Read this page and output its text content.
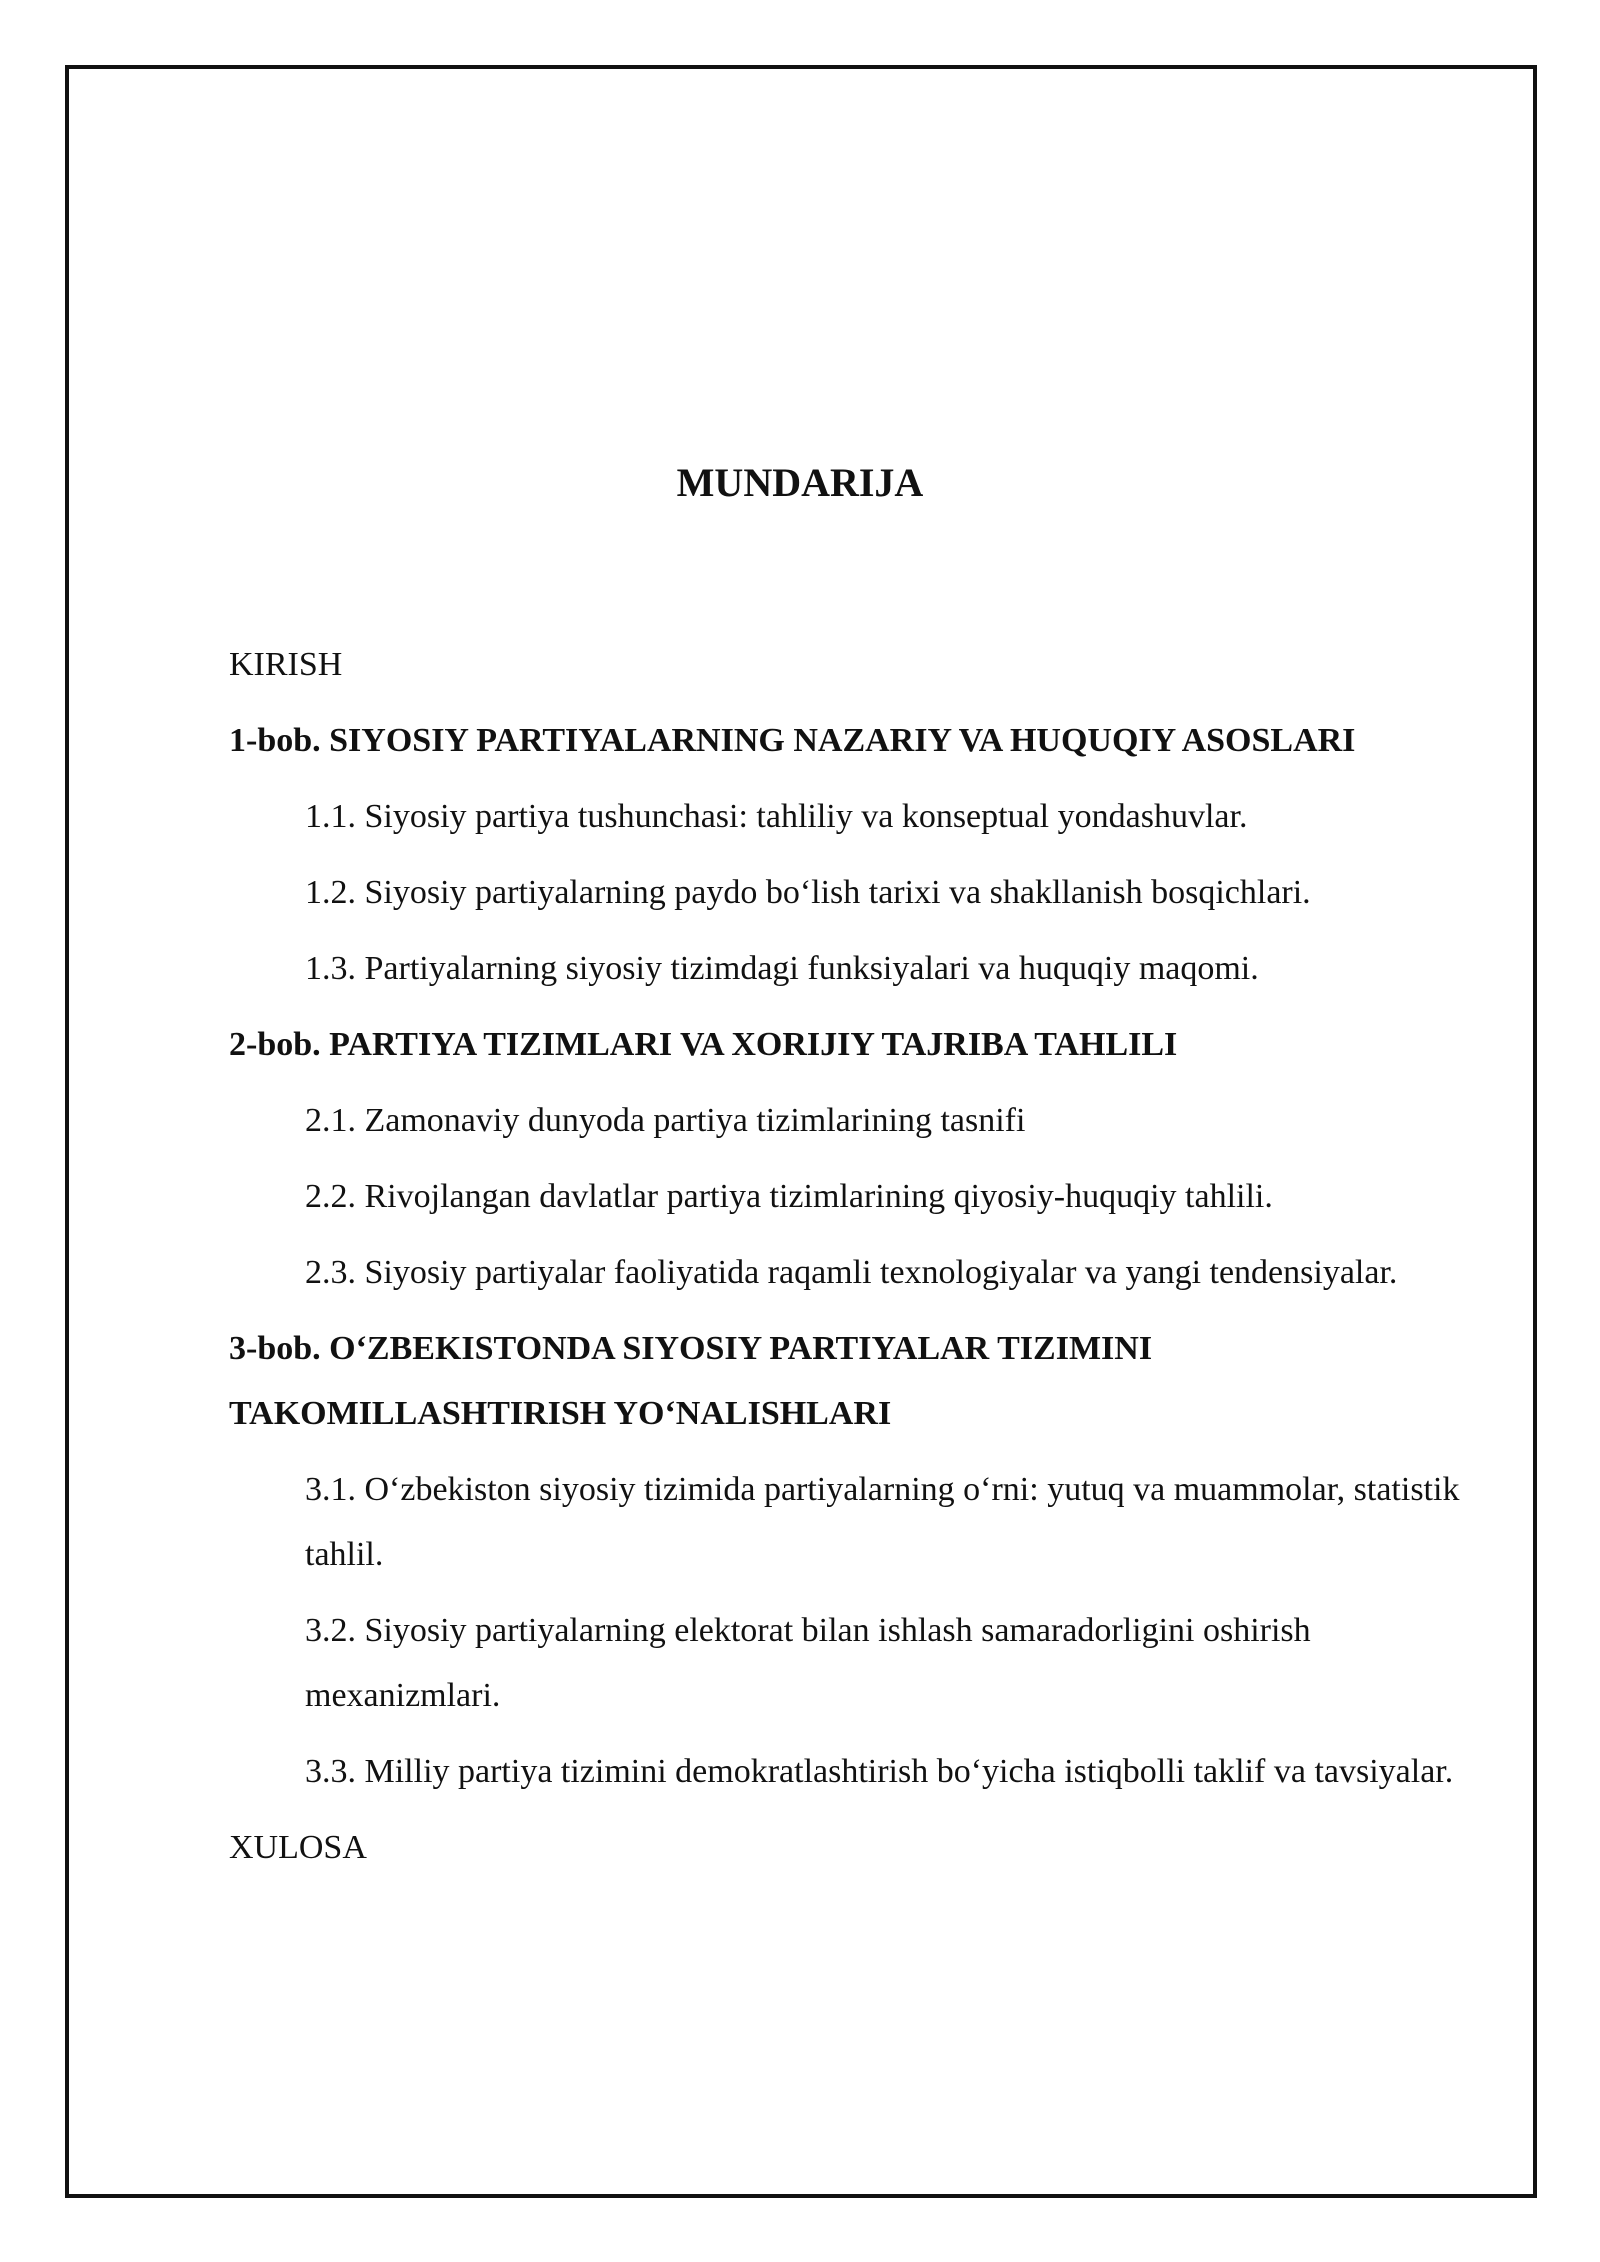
MUNDARIJA

KIRISH

1-bob. SIYOSIY PARTIYALARNING NAZARIY VA HUQUQIY ASOSLARI

1.1. Siyosiy partiya tushunchasi: tahliliy va konseptual yondashuvlar.

1.2. Siyosiy partiyalarning paydo boʻlish tarixi va shakllanish bosqichlari.

1.3. Partiyalarning siyosiy tizimdagi funksiyalari va huquqiy maqomi.

2-bob. PARTIYA TIZIMLARI VA XORIJIY TAJRIBA TAHLILI

2.1. Zamonaviy dunyoda partiya tizimlarining tasnifi

2.2. Rivojlangan davlatlar partiya tizimlarining qiyosiy-huquqiy tahlili.

2.3. Siyosiy partiyalar faoliyatida raqamli texnologiyalar va yangi tendensiyalar.

3-bob. OʻZBEKISTONDA SIYOSIY PARTIYALAR TIZIMINI TAKOMILLASHTIRISH YOʻNALISHLARI

3.1. Oʻzbekiston siyosiy tizimida partiyalarning oʻrni: yutuq va muammolar, statistik tahlil.

3.2. Siyosiy partiyalarning elektorat bilan ishlash samaradorligini oshirish mexanizmlari.

3.3. Milliy partiya tizimini demokratlashtirish boʻyicha istiqbolli taklif va tavsiyalar.

XULOSA
